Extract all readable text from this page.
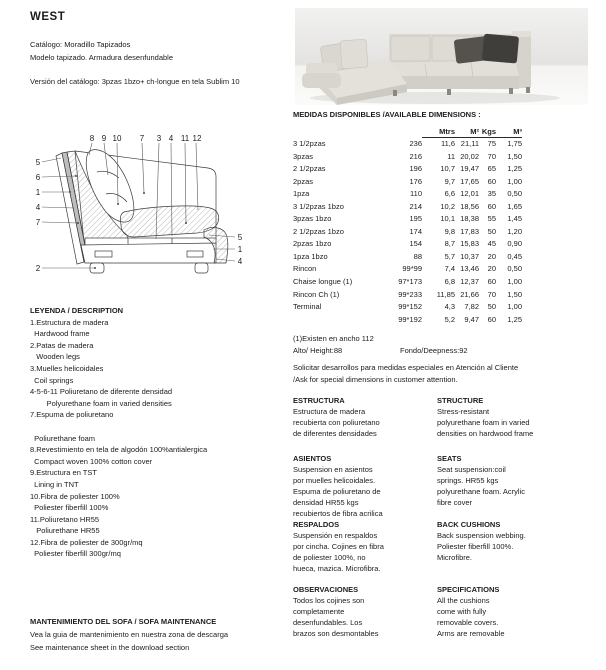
WEST
Catálogo: Moradillo Tapizados
Modelo tapizado. Armadura desenfundable
Versión del catálogo: 3pzas 1bzo+ ch-longue en tela Sublim 10
8 9 10 7 3 4 11 12
5
6
1
4
7
2
5
1
4
MEDIDAS DISPONIBLES /AVAILABLE DIMENSIONS :
Mtrs	M² Kgs	M³
3 1/2pzas	236	11,6 21,11	75	1,75
3pzas	216	11 20,02	70	1,50
2 1/2pzas	196	10,7 19,47	65	1,25
2pzas	176	9,7 17,65	60	1,00
1pza	110	6,6 12,01	35	0,50
3 1/2pzas 1bzo	214	10,2 18,56	60	1,65
3pzas 1bzo	195	10,1 18,38	55	1,45
2 1/2pzas 1bzo	174	9,8 17,83	50	1,20
2pzas 1bzo	154	8,7 15,83	45	0,90
1pza 1bzo	88	5,7 10,37	20	0,45
Rincon	99*99	7,4 13,46	20	0,50
Chaise longue (1)	97*173	6,8 12,37	60	1,00
Rincon Ch (1)	99*233	11,85 21,66	70	1,50
Terminal	99*152	4,3	7,82	50	1,00
99*192	5,2	9,47	60	1,25
(1)Existen en ancho 112
Alto/ Height:88	Fondo/Deepness:92
Solicitar desarrollos para medidas especiales en Atención al Cliente
/Ask for special dimensions in customer attention.
LEYENDA / DESCRIPTION
1.Estructura de madera
Hardwood frame
2.Patas de madera
Wooden legs
3.Muelles helicoidales
Coil springs
4-5-6-11 Poliuretano de diferente densidad
Polyurethane foam in varied densities
7.Espuma de poliuretano
Poliurethane foam
8.Revestimiento en tela de algodón 100%antialergica
Compact woven 100% cotton cover
9.Estructura en TST
Lining in TNT
10.Fibra de poliester 100%
Poliester fiberfill 100%
11.Poliuretano HR55
Poliurethane HR55
12.Fibra de poliester de 300gr/mq
Poliester fiberfill 300gr/mq
ESTRUCTURA
Estructura de madera
recubierta con poliuretano
de diferentes densidades
STRUCTURE
Stress-resistant
polyurethane foam in varied
densities on hardwood frame
ASIENTOS
Suspension en asientos
por muelles helicoidales.
Espuma de poliuretano de
densidad HR55 kgs
recubiertos de fibra acrilica
SEATS
Seat suspension:coil
springs. HR55 kgs
polyurethane foam. Acrylic
fibre cover
RESPALDOS
Suspensión en respaldos
por cincha. Cojines en fibra
de poliester 100%, no
hueca, mazica. Microfibra.
BACK CUSHIONS
Back suspension webbing.
Poliester fiberfill 100%.
Microfibre.
OBSERVACIONES
Todos los cojines son
completamente
desenfundables. Los
brazos son desmontables
SPECIFICATIONS
All the cushions
come with fully
removable covers.
Arms are removable
MANTENIMIENTO DEL SOFA / SOFA MAINTENANCE
Vea la guia de mantenimiento en nuestra zona de descarga
See maintenance sheet in the download section
